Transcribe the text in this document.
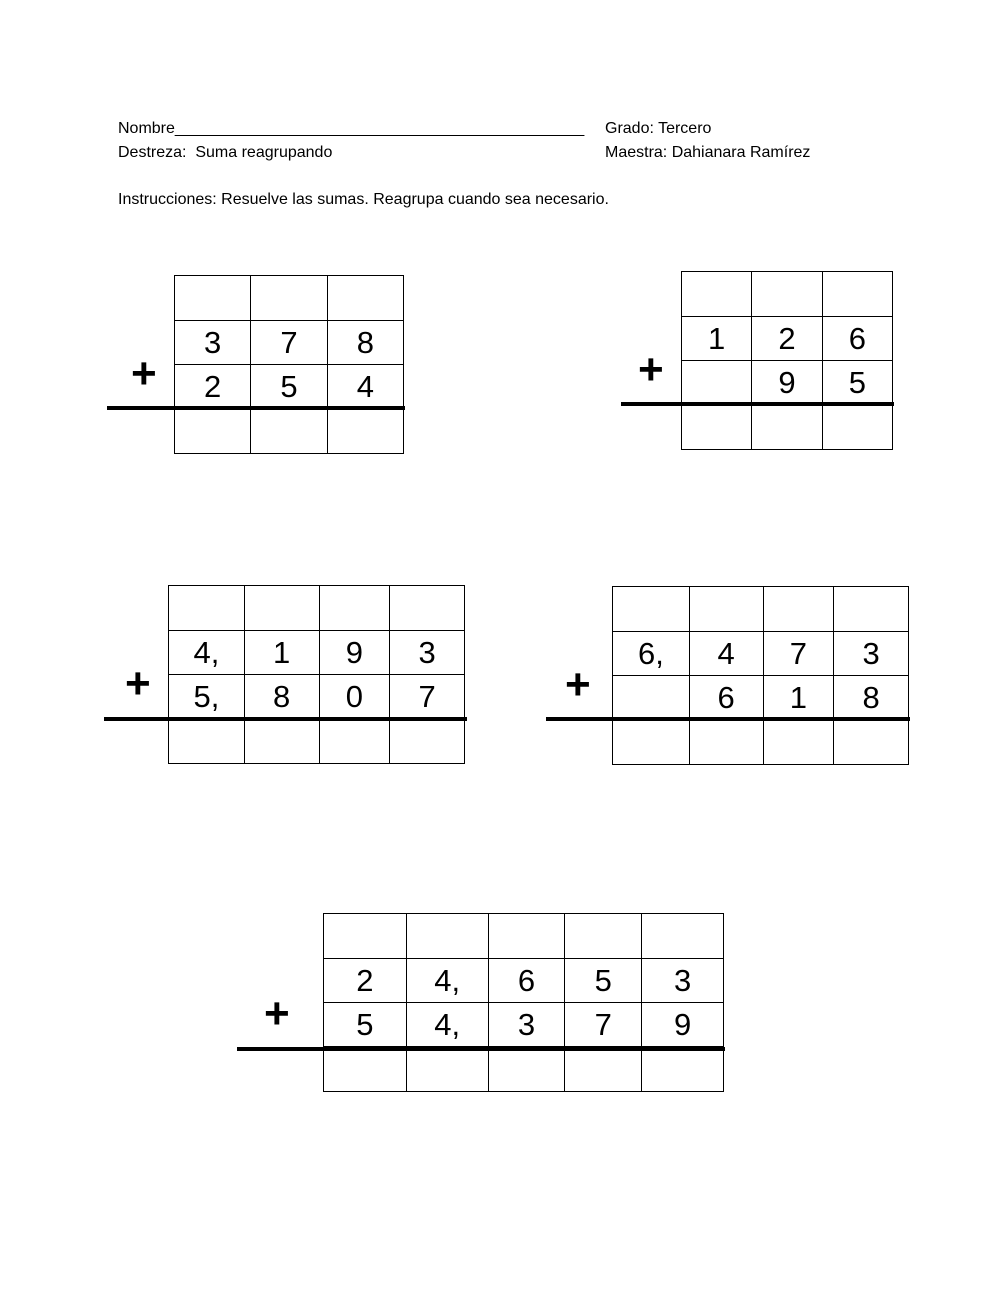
Nombre______________________________________________ Grado: Tercero
Destreza:  Suma reagrupando	Maestra: Dahianara Ramírez
Instrucciones: Resuelve las sumas. Reagrupa cuando sea necesario.

3	7	8
2	5	4

+

1	2	6
	9	5

+

4,	1	9	3
5,	8	0	7

+

6,	4	7	3
	6	1	8

+

2	4,	6	5	3
5	4,	3	7	9

+
